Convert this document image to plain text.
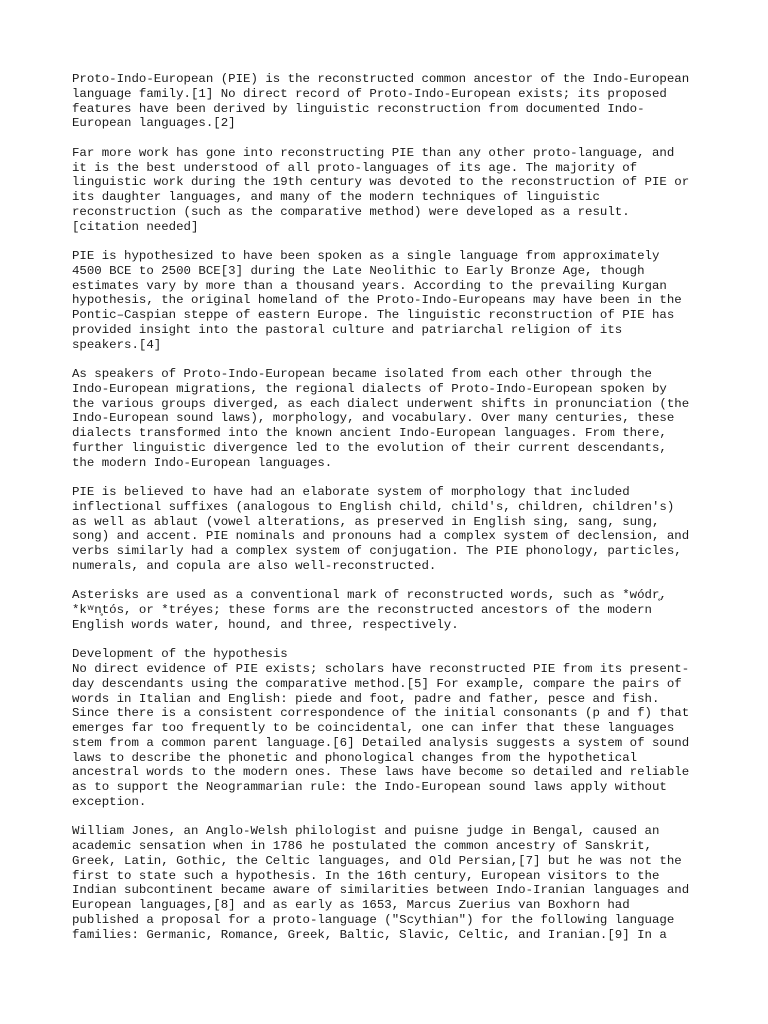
Proto-Indo-European (PIE) is the reconstructed common ancestor of the Indo-European
language family.[1] No direct record of Proto-Indo-European exists; its proposed
features have been derived by linguistic reconstruction from documented Indo-
European languages.[2]

Far more work has gone into reconstructing PIE than any other proto-language, and
it is the best understood of all proto-languages of its age. The majority of
linguistic work during the 19th century was devoted to the reconstruction of PIE or
its daughter languages, and many of the modern techniques of linguistic
reconstruction (such as the comparative method) were developed as a result.
[citation needed]

PIE is hypothesized to have been spoken as a single language from approximately
4500 BCE to 2500 BCE[3] during the Late Neolithic to Early Bronze Age, though
estimates vary by more than a thousand years. According to the prevailing Kurgan
hypothesis, the original homeland of the Proto-Indo-Europeans may have been in the
Pontic–Caspian steppe of eastern Europe. The linguistic reconstruction of PIE has
provided insight into the pastoral culture and patriarchal religion of its
speakers.[4]

As speakers of Proto-Indo-European became isolated from each other through the
Indo-European migrations, the regional dialects of Proto-Indo-European spoken by
the various groups diverged, as each dialect underwent shifts in pronunciation (the
Indo-European sound laws), morphology, and vocabulary. Over many centuries, these
dialects transformed into the known ancient Indo-European languages. From there,
further linguistic divergence led to the evolution of their current descendants,
the modern Indo-European languages.

PIE is believed to have had an elaborate system of morphology that included
inflectional suffixes (analogous to English child, child's, children, children's)
as well as ablaut (vowel alterations, as preserved in English sing, sang, sung,
song) and accent. PIE nominals and pronouns had a complex system of declension, and
verbs similarly had a complex system of conjugation. The PIE phonology, particles,
numerals, and copula are also well-reconstructed.

Asterisks are used as a conventional mark of reconstructed words, such as *wódr̥,
*kʷn̥tós, or *tréyes; these forms are the reconstructed ancestors of the modern
English words water, hound, and three, respectively.

Development of the hypothesis

No direct evidence of PIE exists; scholars have reconstructed PIE from its present-
day descendants using the comparative method.[5] For example, compare the pairs of
words in Italian and English: piede and foot, padre and father, pesce and fish.
Since there is a consistent correspondence of the initial consonants (p and f) that
emerges far too frequently to be coincidental, one can infer that these languages
stem from a common parent language.[6] Detailed analysis suggests a system of sound
laws to describe the phonetic and phonological changes from the hypothetical
ancestral words to the modern ones. These laws have become so detailed and reliable
as to support the Neogrammarian rule: the Indo-European sound laws apply without
exception.

William Jones, an Anglo-Welsh philologist and puisne judge in Bengal, caused an
academic sensation when in 1786 he postulated the common ancestry of Sanskrit,
Greek, Latin, Gothic, the Celtic languages, and Old Persian,[7] but he was not the
first to state such a hypothesis. In the 16th century, European visitors to the
Indian subcontinent became aware of similarities between Indo-Iranian languages and
European languages,[8] and as early as 1653, Marcus Zuerius van Boxhorn had
published a proposal for a proto-language ("Scythian") for the following language
families: Germanic, Romance, Greek, Baltic, Slavic, Celtic, and Iranian.[9] In a
